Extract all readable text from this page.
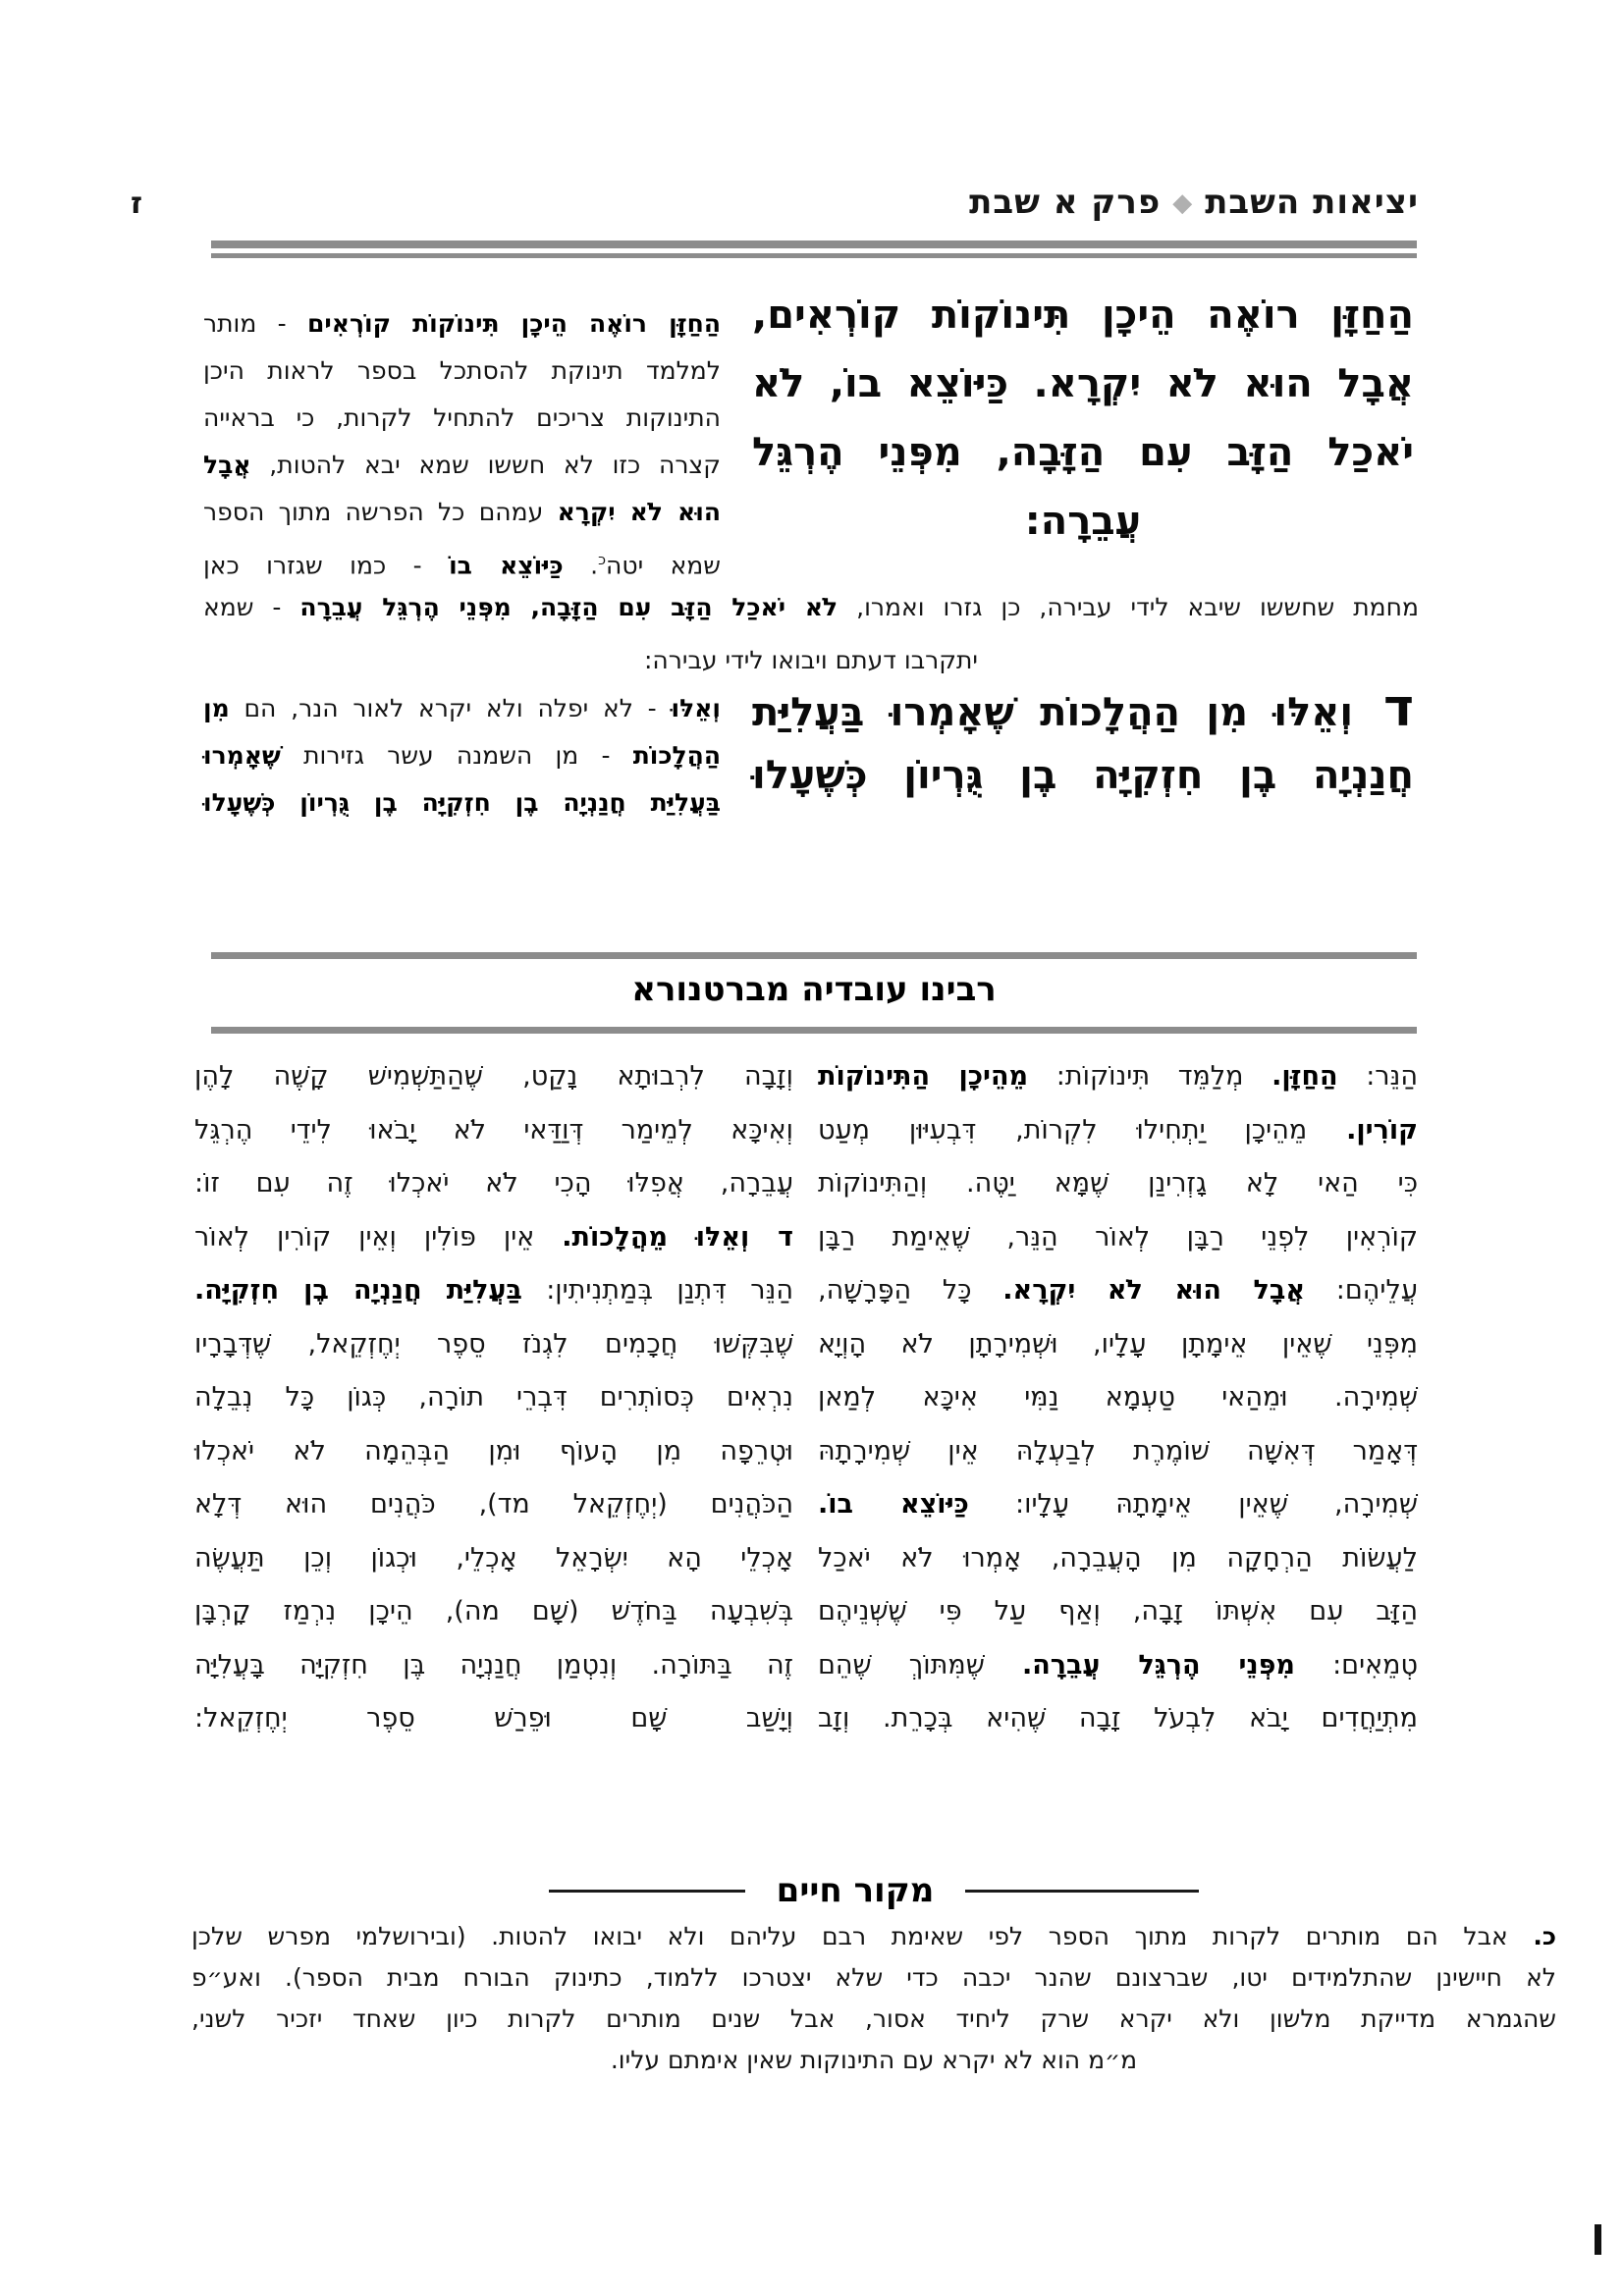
יציאות השבת◆פרק א שבת
ז
הַחַזָּן רוֹאֶה הֵיכָן תִּינוֹקוֹת קוֹרְאִים,
אֲבָל הוּא לֹא יִקְרָא. כַּיּוֹצֵא בוֹ, לֹא
יֹאכַל הַזָּב עִם הַזָּבָה, מִפְּנֵי הֶרְגֵּל
עֲבֵרָה:
הַחַזָּן רוֹאֶה הֵיכָן תִּינוֹקוֹת קוֹרְאִים - מותר
למלמד תינוקת להסתכל בספר לראות היכן
התינוקות צריכים להתחיל לקרות, כי בראייה
קצרה כזו לא חששו שמא יבא להטות, אֲבָל
הוּא לֹא יִקְרָא עמהם כל הפרשה מתוך הספר
שמא יטה$^כ$. כַּיּוֹצֵא בוֹ - כמו שגזרו כאן
מחמת שחששו שיבא לידי עבירה, כן גזרו ואמרו, לֹא יֹאכַל הַזָּב עִם הַזָּבָה, מִפְּנֵי הֶרְגֵּל עֲבֵרָה - שמא
יתקרבו דעתם ויבואו לידי עבירה:
ד וְאֵלּוּ מִן הַהֲלָכוֹת שֶׁאָמְרוּ בַּעֲלִיַּת
חֲנַנְיָה בֶן חִזְקִיָּה בֶן גֻּרְיוֹן כְּשֶׁעָלוּ
וְאֵלּוּ - לא יפלה ולא יקרא לאור הנר, הם מִן
הַהֲלָכוֹת - מן השמנה עשר גזירות שֶׁאָמְרוּ
בַּעֲלִיַּת חֲנַנְיָה בֶן חִזְקִיָּה בֶן גֻּרְיוֹן כְּשֶׁעָלוּ
רבינו עובדיה מברטנורא
הַנֵּר: הַחַזָּן. מְלַמֵּד תִּינוֹקוֹת: מֵהֵיכָן הַתִּינוֹקוֹת
קוֹרִין. מֵהֵיכָן יַתְחִילוּ לִקְרוֹת, דִּבְעִיּוּן מְעַט
כִּי הַאי לָא גָזְרִינַן שֶׁמָּא יַטֶּה. וְהַתִּינוֹקוֹת
קוֹרְאִין לִפְנֵי רַבָּן לְאוֹר הַנֵּר, שֶׁאֵימַת רַבָּן
עֲלֵיהֶם: אֲבָל הוּא לֹא יִקְרָא. כָּל הַפָּרָשָׁה,
מִפְּנֵי שֶׁאֵין אֵימָתָן עָלָיו, וּשְׁמִירָתָן לֹא הָוְיָא
שְׁמִירָה. וּמֵהַאי טַעְמָא נַמִּי אִיכָּא לְמַאן
דְּאָמַר דְּאִשָּׁה שׁוֹמֶרֶת לְבַעְלָהּ אֵין שְׁמִירָתָהּ
שְׁמִירָה, שֶׁאֵין אֵימָתָהּ עָלָיו: כַּיּוֹצֵא בוֹ.
לַעֲשׂוֹת הַרְחָקָה מִן הָעֲבֵרָה, אָמְרוּ לֹא יֹאכַל
הַזָּב עִם אִשְׁתּוֹ זָבָה, וְאַף עַל פִּי שֶׁשְּׁנֵיהֶם
טְמֵאִים: מִפְּנֵי הֶרְגֵּל עֲבֵרָה. שֶׁמִּתּוֹךְ שֶׁהֵם
מִתְיַחֲדִים יָבֹא לִבְעֹל זָבָה שֶׁהִיא בְּכָרֵת. וְזָב
וְזָבָה לִרְבוּתָא נָקַט, שֶׁהַתַּשְׁמִישׁ קָשֶׁה לָהֶן
וְאִיכָּא לְמֵימַר דְּוַדַּאי לֹא יָבֹאוּ לִידֵי הֶרְגֵּל
עֲבֵרָה, אֲפִלּוּ הָכִי לֹא יֹאכְלוּ זֶה עִם זוֹ:
ד וְאֵלּוּ מֵהֲלָכוֹת. אֵין פּוֹלִין וְאֵין קוֹרִין לְאוֹר
הַנֵּר דִּתְנַן בְּמַתְנִיתִין: בַּעֲלִיַּת חֲנַנְיָה בֶן חִזְקִיָּה.
שֶׁבִּקְּשׁוּ חֲכָמִים לִגְנֹז סֵפֶר יְחֶזְקֵאל, שֶׁדְּבָרָיו
נִרְאִים כְּסוֹתְרִים דִּבְרֵי תוֹרָה, כְּגוֹן כָּל נְבֵלָה
וּטְרֵפָה מִן הָעוֹף וּמִן הַבְּהֵמָה לֹא יֹאכְלוּ
הַכֹּהֲנִים (יְחֶזְקֵאל מד), כֹּהֲנִים הוּא דְּלָא
אָכְלֵי הָא יִשְׂרָאֵל אָכְלֵי, וּכְגוֹן וְכֵן תַּעֲשֶׂה
בְּשִׁבְעָה בַּחֹדֶשׁ (שָׁם מה), הֵיכָן נִרְמַז קָרְבָּן
זֶה בַּתּוֹרָה. וְנִטְמַן חֲנַנְיָה בֶּן חִזְקִיָּה בָּעֲלִיָּה
וְיָשַׁב שָׁם וּפֵרַשׁ סֵפֶר יְחֶזְקֵאל:
מקור חיים
כ. אבל הם מותרים לקרות מתוך הספר לפי שאימת רבם עליהם ולא יבואו להטות. (ובירושלמי מפרש שלכן
לא חיישינן שהתלמידים יטו, שברצונם שהנר יכבה כדי שלא יצטרכו ללמוד, כתינוק הבורח מבית הספר). ואע״פ
שהגמרא מדייקת מלשון ולא יקרא שרק ליחיד אסור, אבל שנים מותרים לקרות כיון שאחד יזכיר לשני,
מ״מ הוא לא יקרא עם התינוקות שאין אימתם עליו.
